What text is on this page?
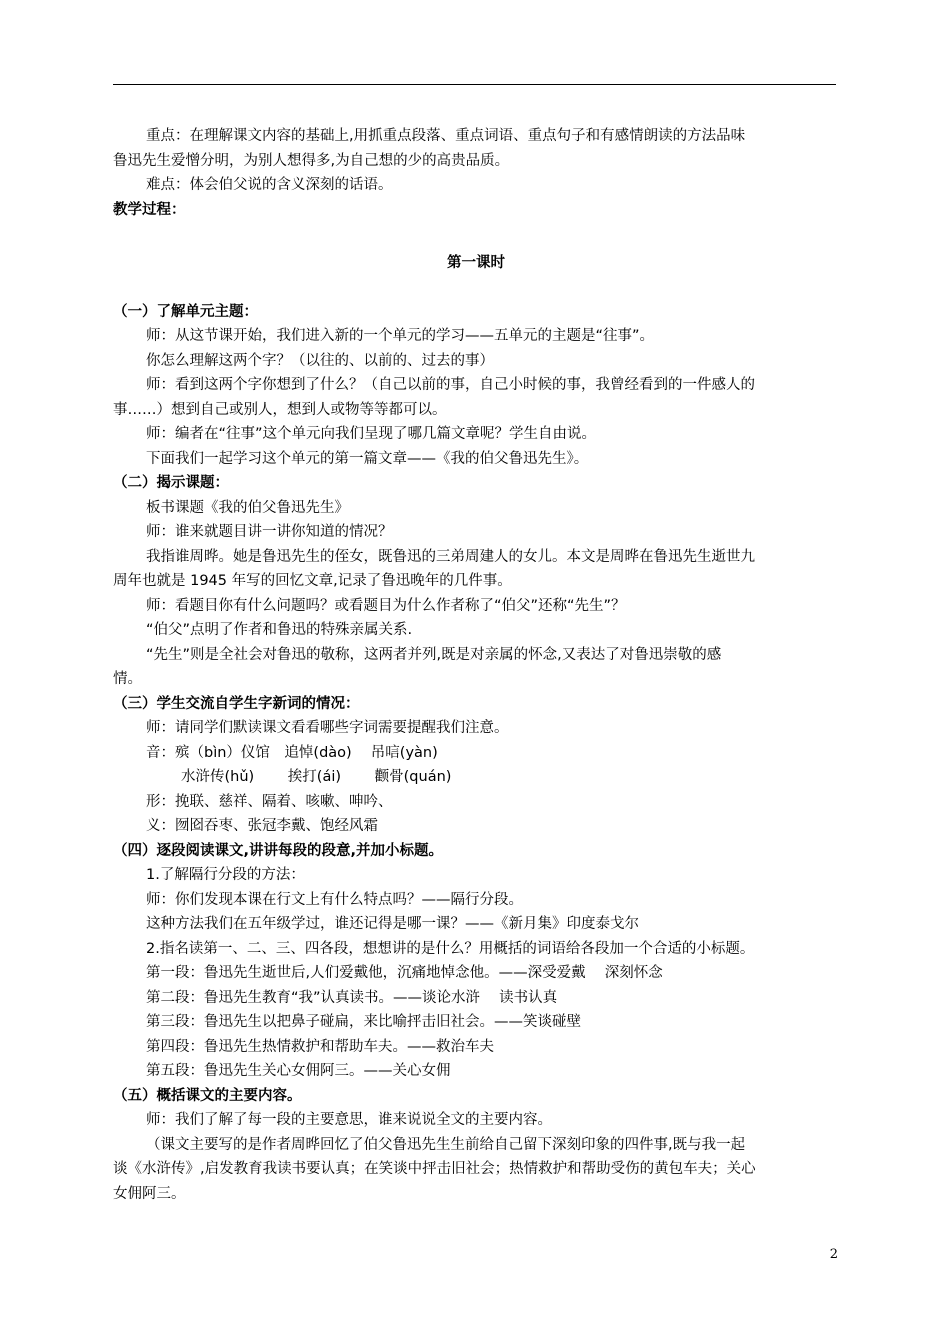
重点：在理解课文内容的基础上,用抓重点段落、重点词语、重点句子和有感情朗读的方法品味
鲁迅先生爱憎分明，为别人想得多,为自己想的少的高贵品质。
难点：体会伯父说的含义深刻的话语。
教学过程：
第一课时
（一）了解单元主题：
师：从这节课开始，我们进入新的一个单元的学习——五单元的主题是“往事”。
你怎么理解这两个字？（以往的、以前的、过去的事）
师：看到这两个字你想到了什么？（自己以前的事，自己小时候的事，我曾经看到的一件感人的
事……）想到自己或别人，想到人或物等等都可以。
师：编者在“往事”这个单元向我们呈现了哪几篇文章呢？学生自由说。
下面我们一起学习这个单元的第一篇文章——《我的伯父鲁迅先生》。
（二）揭示课题：
板书课题《我的伯父鲁迅先生》
师：谁来就题目讲一讲你知道的情况？
我指谁周晔。她是鲁迅先生的侄女，既鲁迅的三弟周建人的女儿。本文是周晔在鲁迅先生逝世九
周年也就是 1945 年写的回忆文章,记录了鲁迅晚年的几件事。
师：看题目你有什么问题吗？或看题目为什么作者称了“伯父”还称“先生”？
“伯父”点明了作者和鲁迅的特殊亲属关系.
“先生”则是全社会对鲁迅的敬称，这两者并列,既是对亲属的怀念,又表达了对鲁迅崇敬的感
情。
（三）学生交流自学生字新词的情况：
师：请同学们默读课文看看哪些字词需要提醒我们注意。
音：殡（bìn）仪馆　追悼(dào)　 吊唁(yàn)
水浒传(hǔ)　　 挨打(ái)　　 颧骨(quán)
形：挽联、慈祥、隔着、咳嗽、呻吟、
义：囫囵吞枣、张冠李戴、饱经风霜
（四）逐段阅读课文,讲讲每段的段意,并加小标题。
1.了解隔行分段的方法：
师：你们发现本课在行文上有什么特点吗？——隔行分段。
这种方法我们在五年级学过，谁还记得是哪一课？——《新月集》印度泰戈尔
2.指名读第一、二、三、四各段，想想讲的是什么？用概括的词语给各段加一个合适的小标题。
第一段：鲁迅先生逝世后,人们爱戴他，沉痛地悼念他。——深受爱戴　 深刻怀念
第二段：鲁迅先生教育“我”认真读书。——谈论水浒　 读书认真
第三段：鲁迅先生以把鼻子碰扁，来比喻抨击旧社会。——笑谈碰壁
第四段：鲁迅先生热情救护和帮助车夫。——救治车夫
第五段：鲁迅先生关心女佣阿三。——关心女佣
（五）概括课文的主要内容。
师：我们了解了每一段的主要意思，谁来说说全文的主要内容。
（课文主要写的是作者周晔回忆了伯父鲁迅先生生前给自己留下深刻印象的四件事,既与我一起
谈《水浒传》,启发教育我读书要认真；在笑谈中抨击旧社会；热情救护和帮助受伤的黄包车夫；关心
女佣阿三。
2
